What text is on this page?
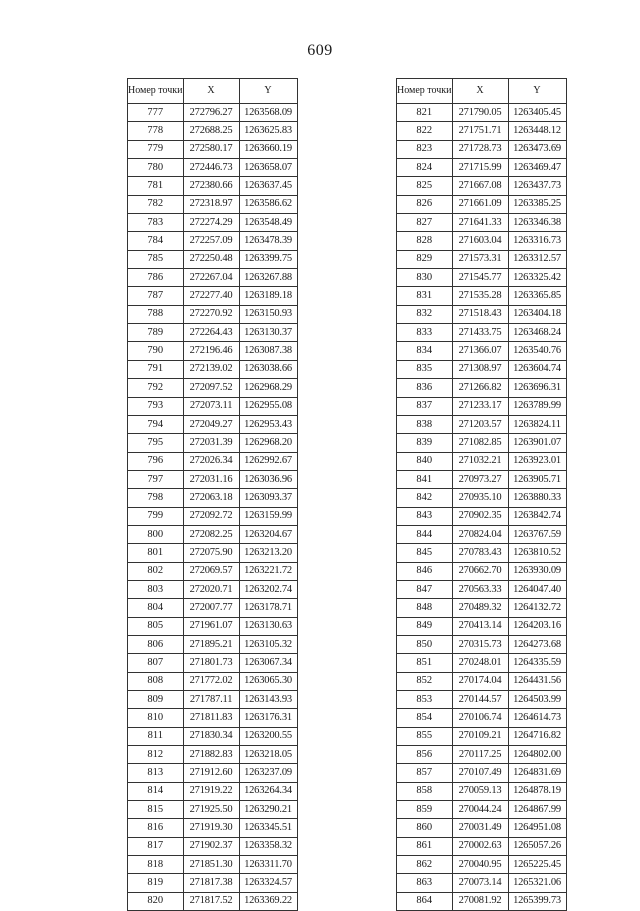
609
Номер точки	X	Y
777	272796.27	1263568.09
778	272688.25	1263625.83
779	272580.17	1263660.19
780	272446.73	1263658.07
781	272380.66	1263637.45
782	272318.97	1263586.62
783	272274.29	1263548.49
784	272257.09	1263478.39
785	272250.48	1263399.75
786	272267.04	1263267.88
787	272277.40	1263189.18
788	272270.92	1263150.93
789	272264.43	1263130.37
790	272196.46	1263087.38
791	272139.02	1263038.66
792	272097.52	1262968.29
793	272073.11	1262955.08
794	272049.27	1262953.43
795	272031.39	1262968.20
796	272026.34	1262992.67
797	272031.16	1263036.96
798	272063.18	1263093.37
799	272092.72	1263159.99
800	272082.25	1263204.67
801	272075.90	1263213.20
802	272069.57	1263221.72
803	272020.71	1263202.74
804	272007.77	1263178.71
805	271961.07	1263130.63
806	271895.21	1263105.32
807	271801.73	1263067.34
808	271772.02	1263065.30
809	271787.11	1263143.93
810	271811.83	1263176.31
811	271830.34	1263200.55
812	271882.83	1263218.05
813	271912.60	1263237.09
814	271919.22	1263264.34
815	271925.50	1263290.21
816	271919.30	1263345.51
817	271902.37	1263358.32
818	271851.30	1263311.70
819	271817.38	1263324.57
820	271817.52	1263369.22
Номер точки	X	Y
821	271790.05	1263405.45
822	271751.71	1263448.12
823	271728.73	1263473.69
824	271715.99	1263469.47
825	271667.08	1263437.73
826	271661.09	1263385.25
827	271641.33	1263346.38
828	271603.04	1263316.73
829	271573.31	1263312.57
830	271545.77	1263325.42
831	271535.28	1263365.85
832	271518.43	1263404.18
833	271433.75	1263468.24
834	271366.07	1263540.76
835	271308.97	1263604.74
836	271266.82	1263696.31
837	271233.17	1263789.99
838	271203.57	1263824.11
839	271082.85	1263901.07
840	271032.21	1263923.01
841	270973.27	1263905.71
842	270935.10	1263880.33
843	270902.35	1263842.74
844	270824.04	1263767.59
845	270783.43	1263810.52
846	270662.70	1263930.09
847	270563.33	1264047.40
848	270489.32	1264132.72
849	270413.14	1264203.16
850	270315.73	1264273.68
851	270248.01	1264335.59
852	270174.04	1264431.56
853	270144.57	1264503.99
854	270106.74	1264614.73
855	270109.21	1264716.82
856	270117.25	1264802.00
857	270107.49	1264831.69
858	270059.13	1264878.19
859	270044.24	1264867.99
860	270031.49	1264951.08
861	270002.63	1265057.26
862	270040.95	1265225.45
863	270073.14	1265321.06
864	270081.92	1265399.73
